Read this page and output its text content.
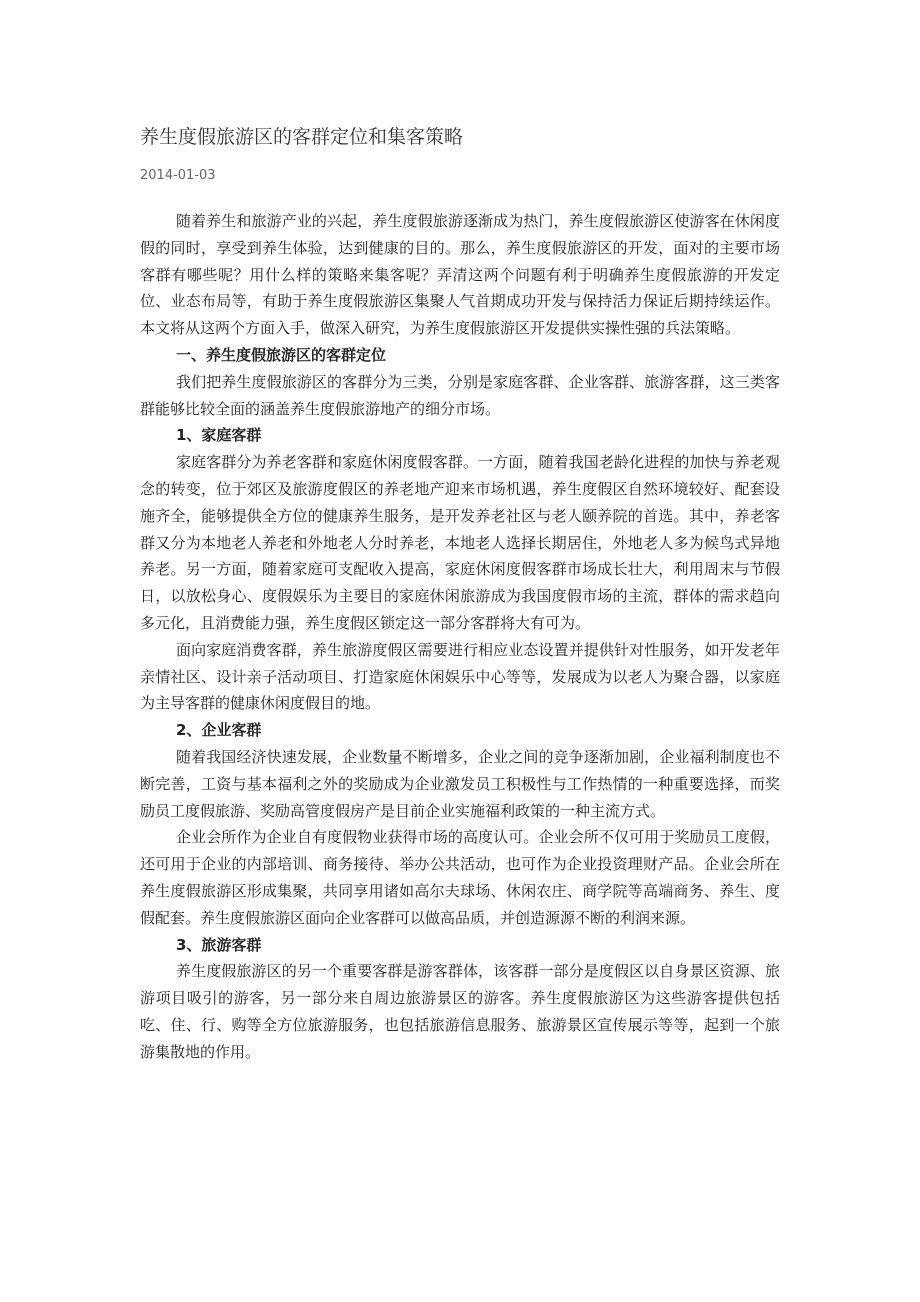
养生度假旅游区的客群定位和集客策略
2014-01-03

随着养生和旅游产业的兴起，养生度假旅游逐渐成为热门，养生度假旅游区使游客在休闲度假的同时，享受到养生体验，达到健康的目的。那么，养生度假旅游区的开发，面对的主要市场客群有哪些呢？用什么样的策略来集客呢？弄清这两个问题有利于明确养生度假旅游的开发定位、业态布局等，有助于养生度假旅游区集聚人气首期成功开发与保持活力保证后期持续运作。本文将从这两个方面入手，做深入研究，为养生度假旅游区开发提供实操性强的兵法策略。

一、养生度假旅游区的客群定位

我们把养生度假旅游区的客群分为三类，分别是家庭客群、企业客群、旅游客群，这三类客群能够比较全面的涵盖养生度假旅游地产的细分市场。

1、家庭客群

家庭客群分为养老客群和家庭休闲度假客群。一方面，随着我国老龄化进程的加快与养老观念的转变，位于郊区及旅游度假区的养老地产迎来市场机遇，养生度假区自然环境较好、配套设施齐全，能够提供全方位的健康养生服务，是开发养老社区与老人颐养院的首选。其中，养老客群又分为本地老人养老和外地老人分时养老，本地老人选择长期居住，外地老人多为候鸟式异地养老。另一方面，随着家庭可支配收入提高，家庭休闲度假客群市场成长壮大，利用周末与节假日，以放松身心、度假娱乐为主要目的家庭休闲旅游成为我国度假市场的主流，群体的需求趋向多元化，且消费能力强，养生度假区锁定这一部分客群将大有可为。

面向家庭消费客群，养生旅游度假区需要进行相应业态设置并提供针对性服务，如开发老年亲情社区、设计亲子活动项目、打造家庭休闲娱乐中心等等，发展成为以老人为聚合器，以家庭为主导客群的健康休闲度假目的地。

2、企业客群

随着我国经济快速发展，企业数量不断增多，企业之间的竞争逐渐加剧，企业福利制度也不断完善，工资与基本福利之外的奖励成为企业激发员工积极性与工作热情的一种重要选择，而奖励员工度假旅游、奖励高管度假房产是目前企业实施福利政策的一种主流方式。

企业会所作为企业自有度假物业获得市场的高度认可。企业会所不仅可用于奖励员工度假，还可用于企业的内部培训、商务接待、举办公共活动，也可作为企业投资理财产品。企业会所在养生度假旅游区形成集聚，共同享用诸如高尔夫球场、休闲农庄、商学院等高端商务、养生、度假配套。养生度假旅游区面向企业客群可以做高品质，并创造源源不断的利润来源。

3、旅游客群

养生度假旅游区的另一个重要客群是游客群体，该客群一部分是度假区以自身景区资源、旅游项目吸引的游客，另一部分来自周边旅游景区的游客。养生度假旅游区为这些游客提供包括吃、住、行、购等全方位旅游服务，也包括旅游信息服务、旅游景区宣传展示等等，起到一个旅游集散地的作用。
